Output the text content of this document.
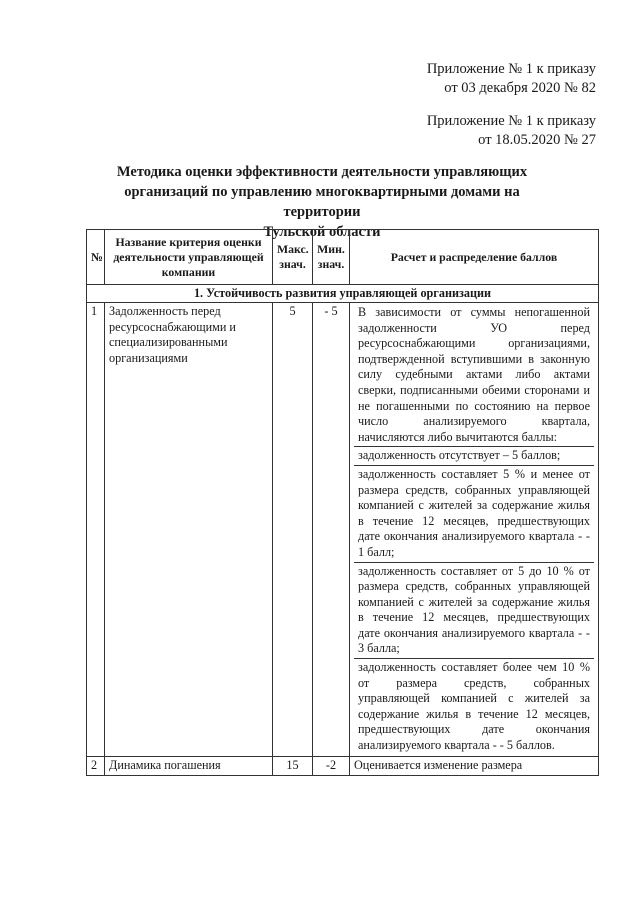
Приложение № 1 к приказу
от 03 декабря 2020 № 82
Приложение № 1 к приказу
от 18.05.2020 № 27
Методика оценки эффективности деятельности управляющих
организаций по управлению многоквартирными домами на территории
Тульской области
№	Название критерия оценки деятельности управляющей компании	Макс. знач.	Мин. знач.	Расчет и распределение баллов
1. Устойчивость развития управляющей организации				
1	Задолженность перед ресурсоснабжающими и специализированными организациями	5	- 5	В зависимости от суммы непогашенной задолженности УО перед ресурсоснабжающими организациями, подтвержденной вступившими в законную силу судебными актами либо актами сверки, подписанными обеими сторонами и не погашенными по состоянию на первое число анализируемого квартала, начисляются либо вычитаются баллы:
задолженность отсутствует – 5 баллов;
задолженность составляет 5 % и менее от размера средств, собранных управляющей компанией с жителей за содержание жилья в течение 12 месяцев, предшествующих дате окончания анализируемого квартала - - 1 балл;
задолженность составляет от 5 до 10 % от размера средств, собранных управляющей компанией с жителей за содержание жилья в течение 12 месяцев, предшествующих дате окончания анализируемого квартала - - 3 балла;
задолженность составляет более чем 10 % от размера средств, собранных управляющей компанией с жителей за содержание жилья в течение 12 месяцев, предшествующих дате окончания анализируемого квартала - - 5 баллов.

2	Динамика погашения	15	-2	Оценивается изменение размера
